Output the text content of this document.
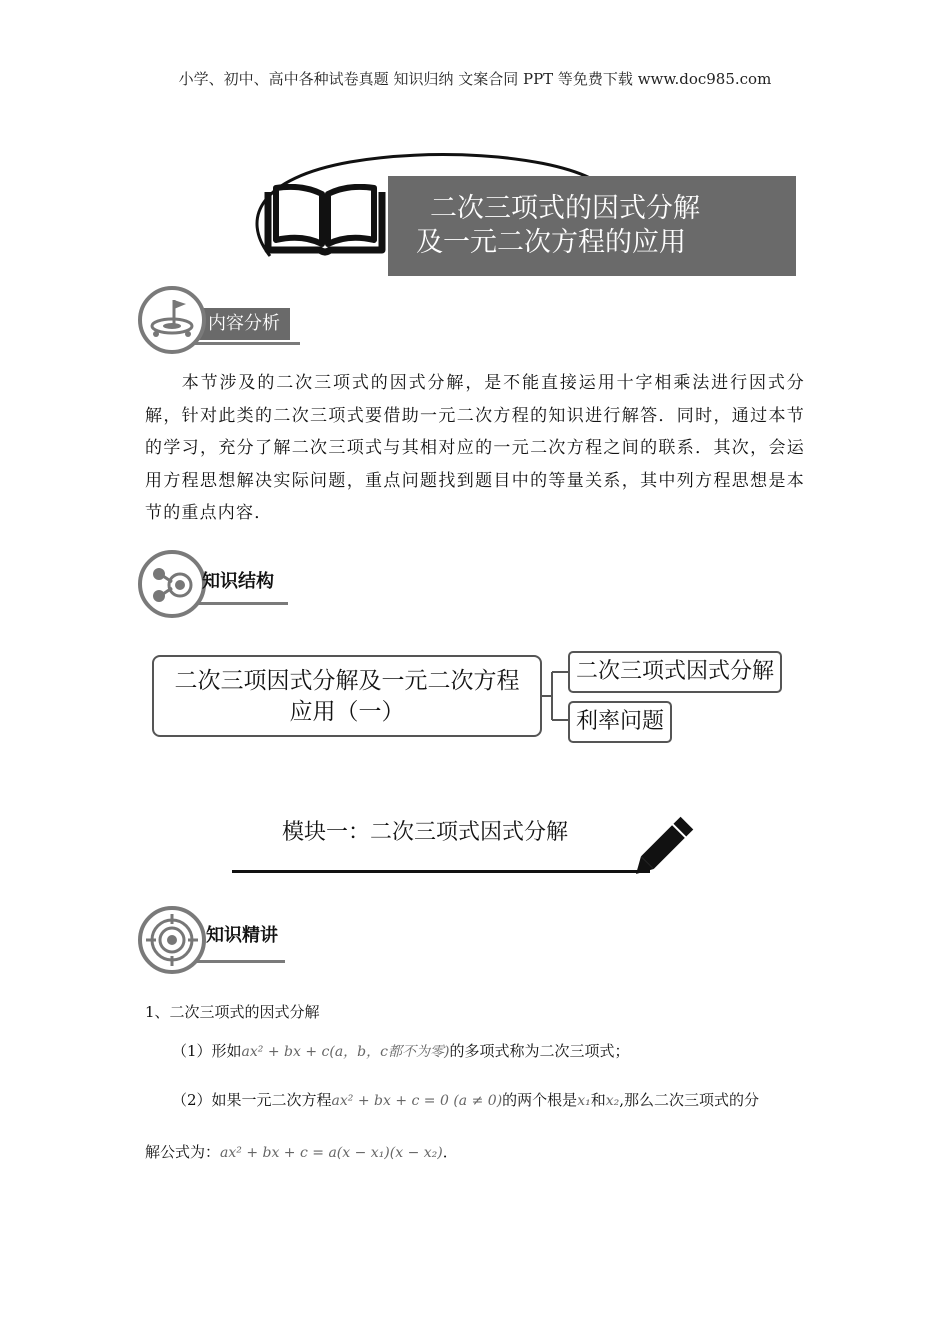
小学、初中、高中各种试卷真题 知识归纳 文案合同 PPT 等免费下载 www.doc985.com
二次三项式的因式分解
及一元二次方程的应用
内容分析
本节涉及的二次三项式的因式分解，是不能直接运用十字相乘法进行因式分解，针对此类的二次三项式要借助一元二次方程的知识进行解答．同时，通过本节的学习，充分了解二次三项式与其相对应的一元二次方程之间的联系．其次，会运用方程思想解决实际问题，重点问题找到题目中的等量关系，其中列方程思想是本节的重点内容．
知识结构
二次三项因式分解及一元二次方程
应用（一）
二次三项式因式分解
利率问题
模块一：二次三项式因式分解
知识精讲
1、二次三项式的因式分解
（1）形如ax² + bx + c(a，b，c都不为零)的多项式称为二次三项式；
（2）如果一元二次方程ax² + bx + c = 0 (a ≠ 0)的两个根是x₁和x₂,那么二次三项式的分
解公式为：ax² + bx + c = a(x − x₁)(x − x₂)．
